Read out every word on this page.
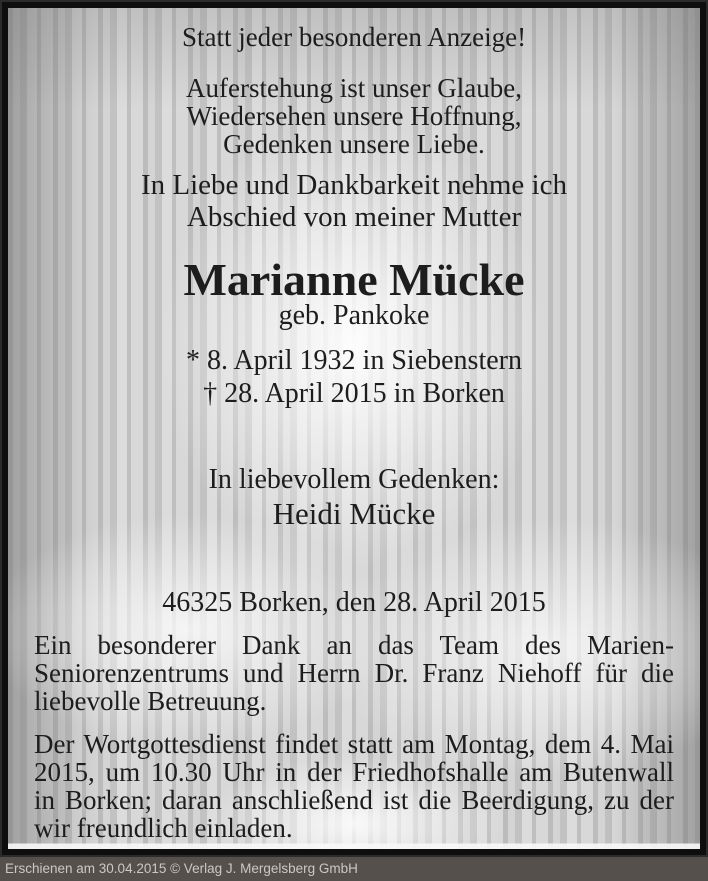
Statt jeder besonderen Anzeige!
Auferstehung ist unser Glaube,
Wiedersehen unsere Hoffnung,
Gedenken unsere Liebe.
In Liebe und Dankbarkeit nehme ich
Abschied von meiner Mutter
Marianne Mücke
geb. Pankoke
* 8. April 1932 in Siebenstern
† 28. April 2015 in Borken
In liebevollem Gedenken:
Heidi Mücke
46325 Borken, den 28. April 2015
Ein besonderer Dank an das Team des Marien-
Seniorenzentrums und Herrn Dr. Franz Niehoff für die
liebevolle Betreuung.
Der Wortgottesdienst findet statt am Montag, dem 4. Mai
2015, um 10.30 Uhr in der Friedhofshalle am Butenwall
in Borken; daran anschließend ist die Beerdigung, zu der
wir freundlich einladen.
Erschienen am 30.04.2015 © Verlag J. Mergelsberg GmbH
